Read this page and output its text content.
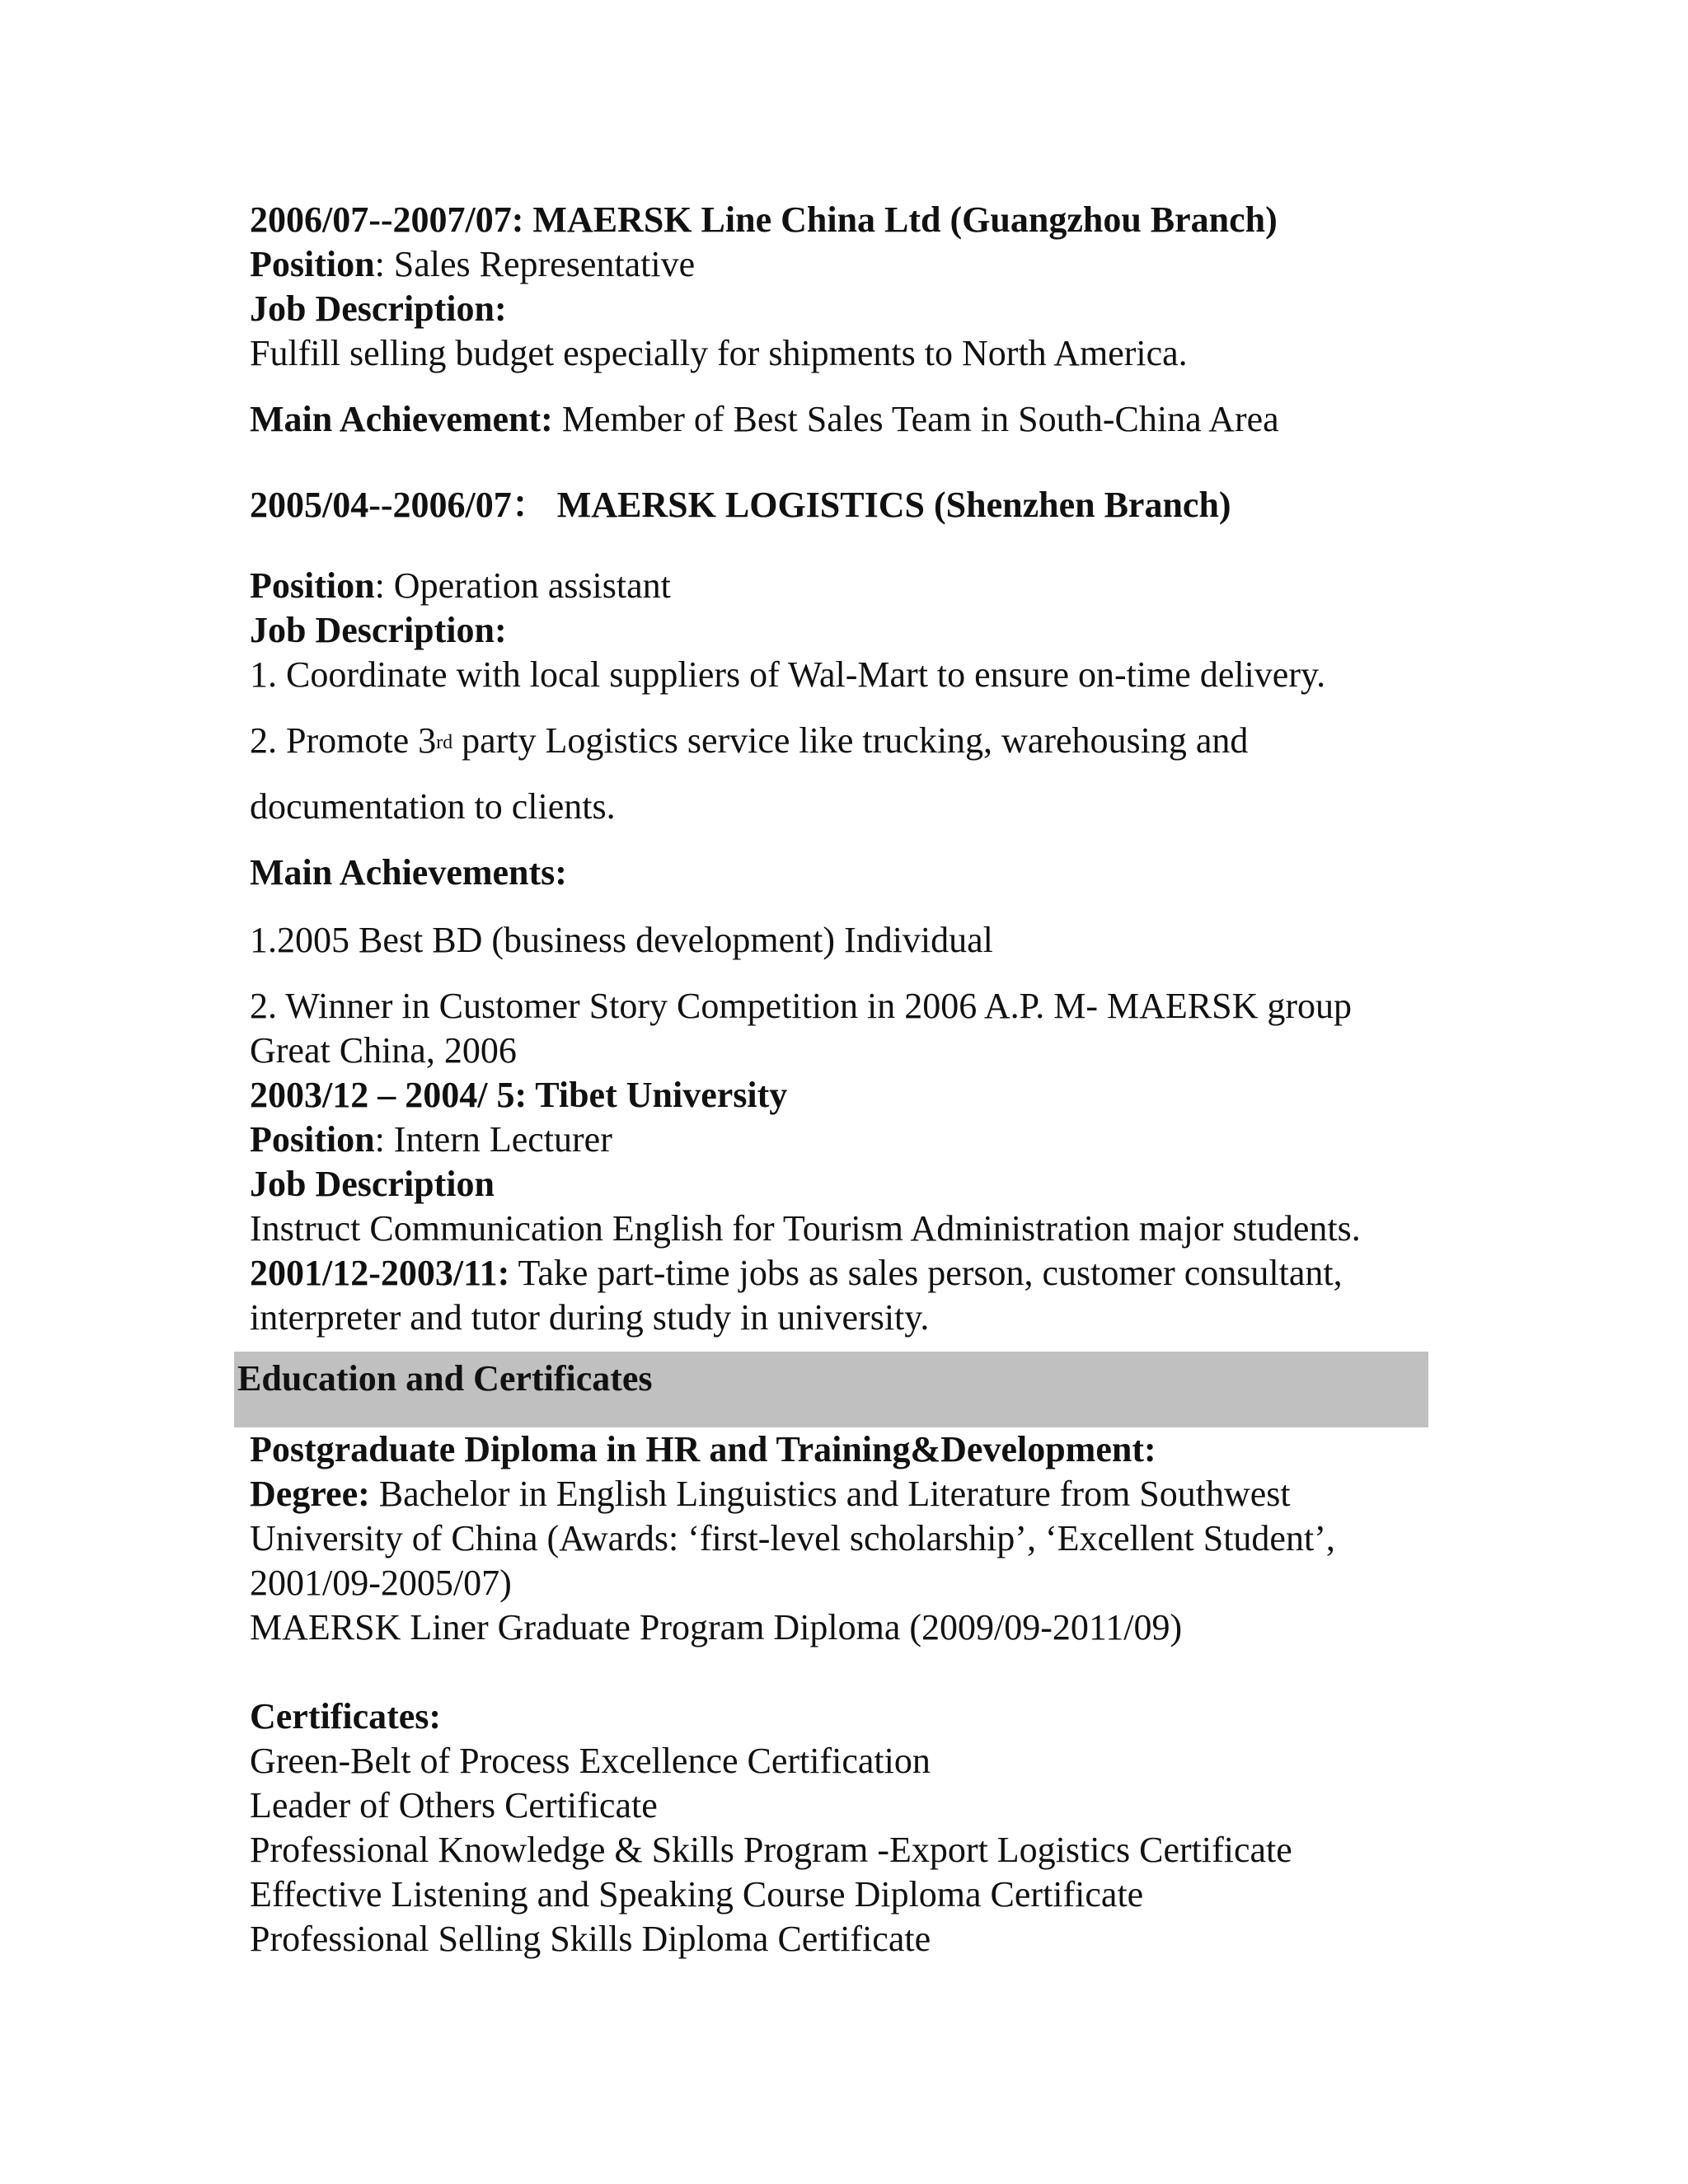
2006/07--2007/07: MAERSK Line China Ltd (Guangzhou Branch)
Position: Sales Representative
Job Description:
Fulfill selling budget especially for shipments to North America.
Main Achievement: Member of Best Sales Team in South-China Area
2005/04--2006/07： MAERSK LOGISTICS (Shenzhen Branch)
Position: Operation assistant
Job Description:
1. Coordinate with local suppliers of Wal-Mart to ensure on-time delivery.
2. Promote 3rd party Logistics service like trucking, warehousing and
documentation to clients.
Main Achievements:
1.2005 Best BD (business development) Individual
2. Winner in Customer Story Competition in 2006 A.P. M- MAERSK group
Great China, 2006
2003/12 – 2004/ 5: Tibet University
Position: Intern Lecturer
Job Description
Instruct Communication English for Tourism Administration major students.
2001/12-2003/11: Take part-time jobs as sales person, customer consultant,
interpreter and tutor during study in university.
Education and Certificates
Postgraduate Diploma in HR and Training&Development:
Degree: Bachelor in English Linguistics and Literature from Southwest
University of China (Awards: ‘first-level scholarship’, ‘Excellent Student’,
2001/09-2005/07)
MAERSK Liner Graduate Program Diploma (2009/09-2011/09)
Certificates:
Green-Belt of Process Excellence Certification
Leader of Others Certificate
Professional Knowledge & Skills Program -Export Logistics Certificate
Effective Listening and Speaking Course Diploma Certificate
Professional Selling Skills Diploma Certificate
